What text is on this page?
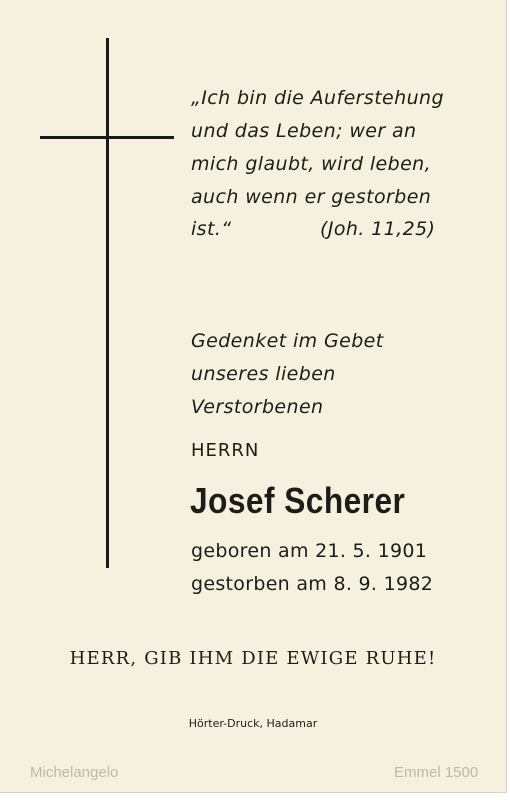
„Ich bin die Auferstehung
und das Leben; wer an
mich glaubt, wird leben,
auch wenn er gestorben
ist.“	(Joh. 11,25)
Gedenket im Gebet
unseres lieben
Verstorbenen
HERRN
Josef Scherer
geboren am 21. 5. 1901
gestorben am 8. 9. 1982
HERR, GIB IHM DIE EWIGE RUHE!
Hörter-Druck, Hadamar
Michelangelo	Emmel 1500
